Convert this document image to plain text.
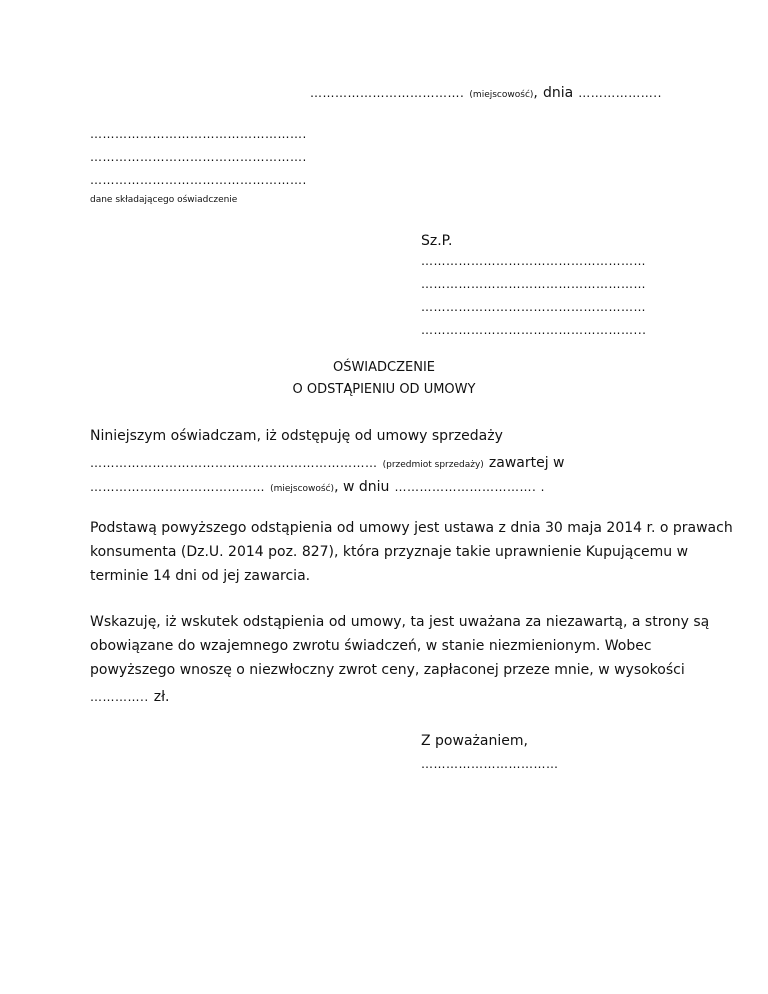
………………………………. (miejscowość), dnia ………………..
…………………………………………….
…………………………………………….
…………………………………………….
dane składającego oświadczenie
Sz.P.
………………………………………………
………………………………………………
………………………………………………
……………………………………………...
OŚWIADCZENIE
O ODSTĄPIENIU OD UMOWY
Niniejszym oświadczam, iż odstępuję od umowy sprzedaży
…………………………………………………………… (przedmiot sprzedaży) zawartej w
…………………………………… (miejscowość), w dniu ……………………………. .
Podstawą powyższego odstąpienia od umowy jest ustawa z dnia 30 maja 2014 r. o prawach
konsumenta (Dz.U. 2014 poz. 827), która przyznaje takie uprawnienie Kupującemu w
terminie 14 dni od jej zawarcia.
Wskazuję, iż wskutek odstąpienia od umowy, ta jest uważana za niezawartą, a strony są
obowiązane do wzajemnego zwrotu świadczeń, w stanie niezmienionym. Wobec
powyższego wnoszę o niezwłoczny zwrot ceny, zapłaconej przeze mnie, w wysokości
………….. zł.
Z poważaniem,
……………………………
